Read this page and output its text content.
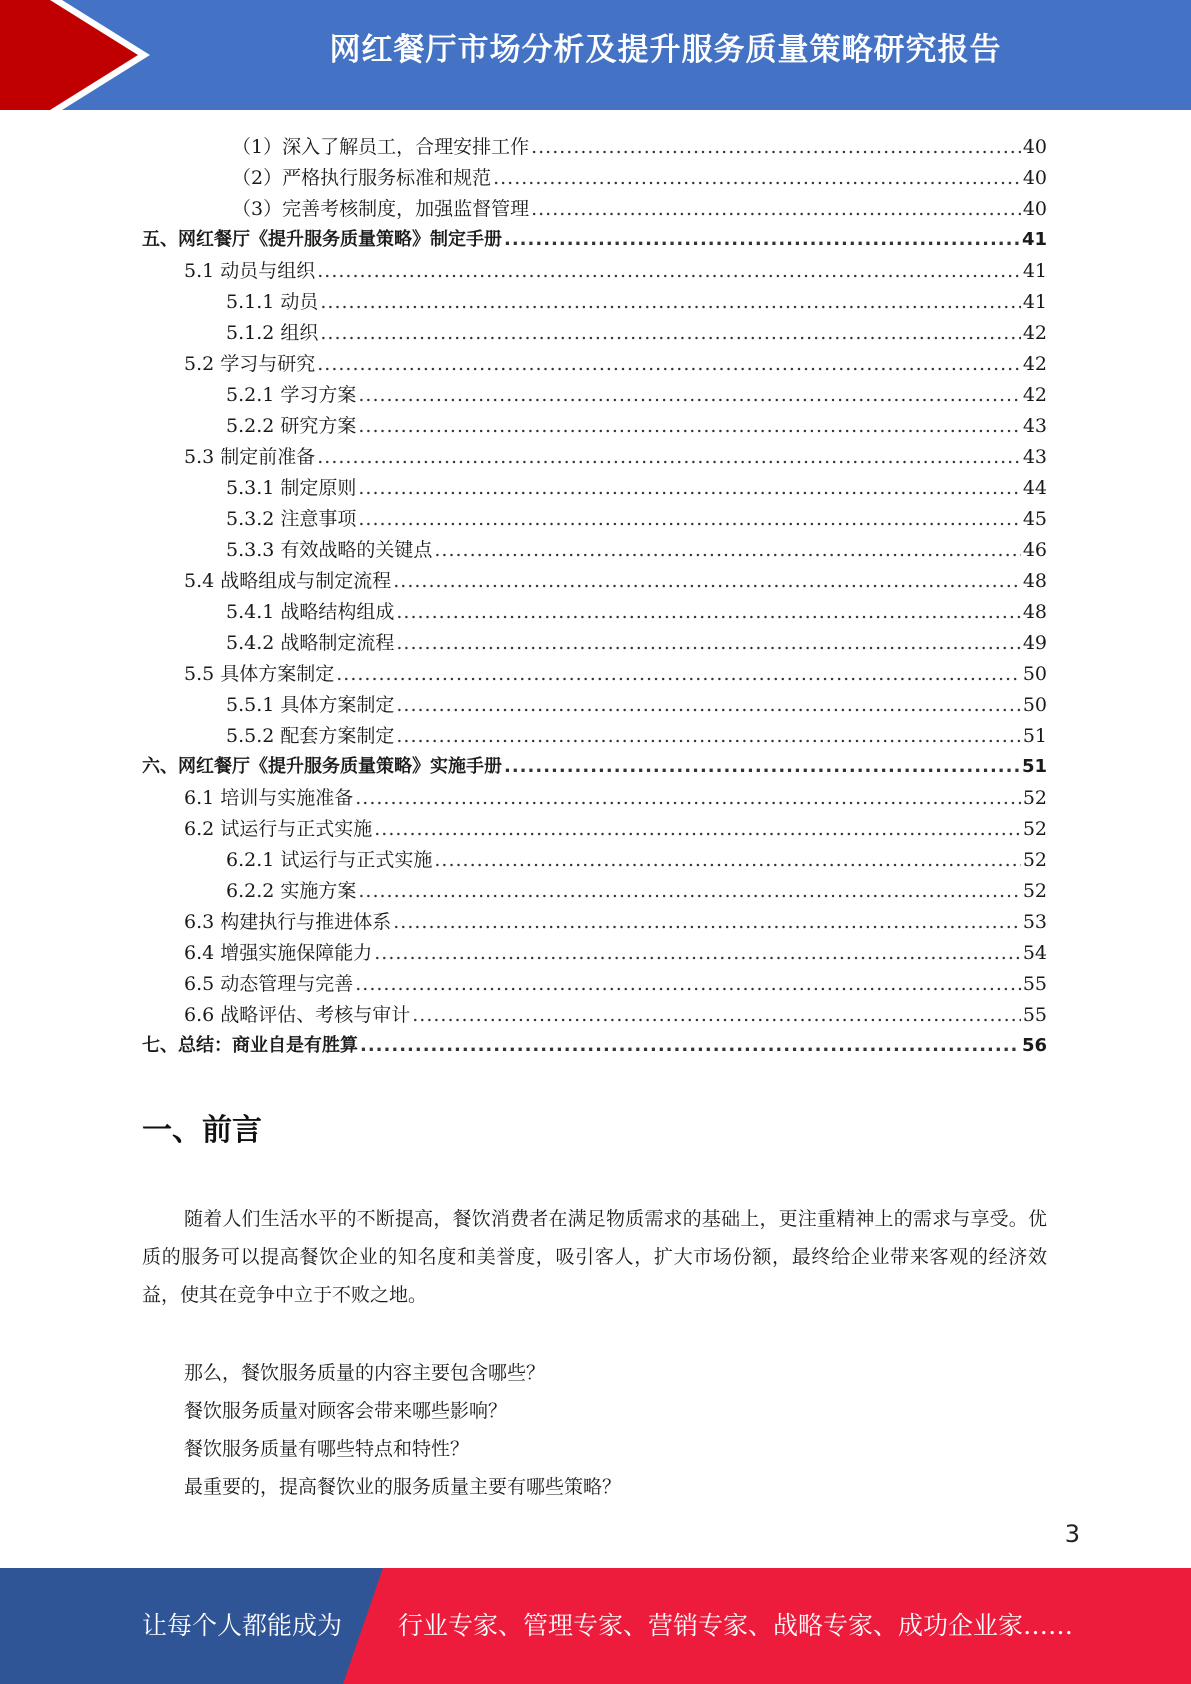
网红餐厅市场分析及提升服务质量策略研究报告
（1）深入了解员工，合理安排工作 .....	40
（2）严格执行服务标准和规范 .....	40
（3）完善考核制度，加强监督管理 .....	40
五、网红餐厅《提升服务质量策略》制定手册 .....	41
5.1 动员与组织 .....	41
5.1.1 动员 .....	41
5.1.2 组织 .....	42
5.2 学习与研究 .....	42
5.2.1 学习方案 .....	42
5.2.2 研究方案 .....	43
5.3 制定前准备 .....	43
5.3.1 制定原则 .....	44
5.3.2 注意事项 .....	45
5.3.3 有效战略的关键点 .....	46
5.4 战略组成与制定流程 .....	48
5.4.1 战略结构组成 .....	48
5.4.2 战略制定流程 .....	49
5.5 具体方案制定 .....	50
5.5.1 具体方案制定 .....	50
5.5.2 配套方案制定 .....	51
六、网红餐厅《提升服务质量策略》实施手册 .....	51
6.1 培训与实施准备 .....	52
6.2 试运行与正式实施 .....	52
6.2.1 试运行与正式实施 .....	52
6.2.2 实施方案 .....	52
6.3 构建执行与推进体系 .....	53
6.4 增强实施保障能力 .....	54
6.5 动态管理与完善 .....	55
6.6 战略评估、考核与审计 .....	55
七、总结：商业自是有胜算 .....	56
一、前言
随着人们生活水平的不断提高，餐饮消费者在满足物质需求的基础上，更注重精神上的需求与享受。优质的服务可以提高餐饮企业的知名度和美誉度，吸引客人，扩大市场份额，最终给企业带来客观的经济效益，使其在竞争中立于不败之地。
那么，餐饮服务质量的内容主要包含哪些？
餐饮服务质量对顾客会带来哪些影响？
餐饮服务质量有哪些特点和特性？
最重要的，提高餐饮业的服务质量主要有哪些策略？
3
让每个人都能成为 行业专家、管理专家、营销专家、战略专家、成功企业家……
